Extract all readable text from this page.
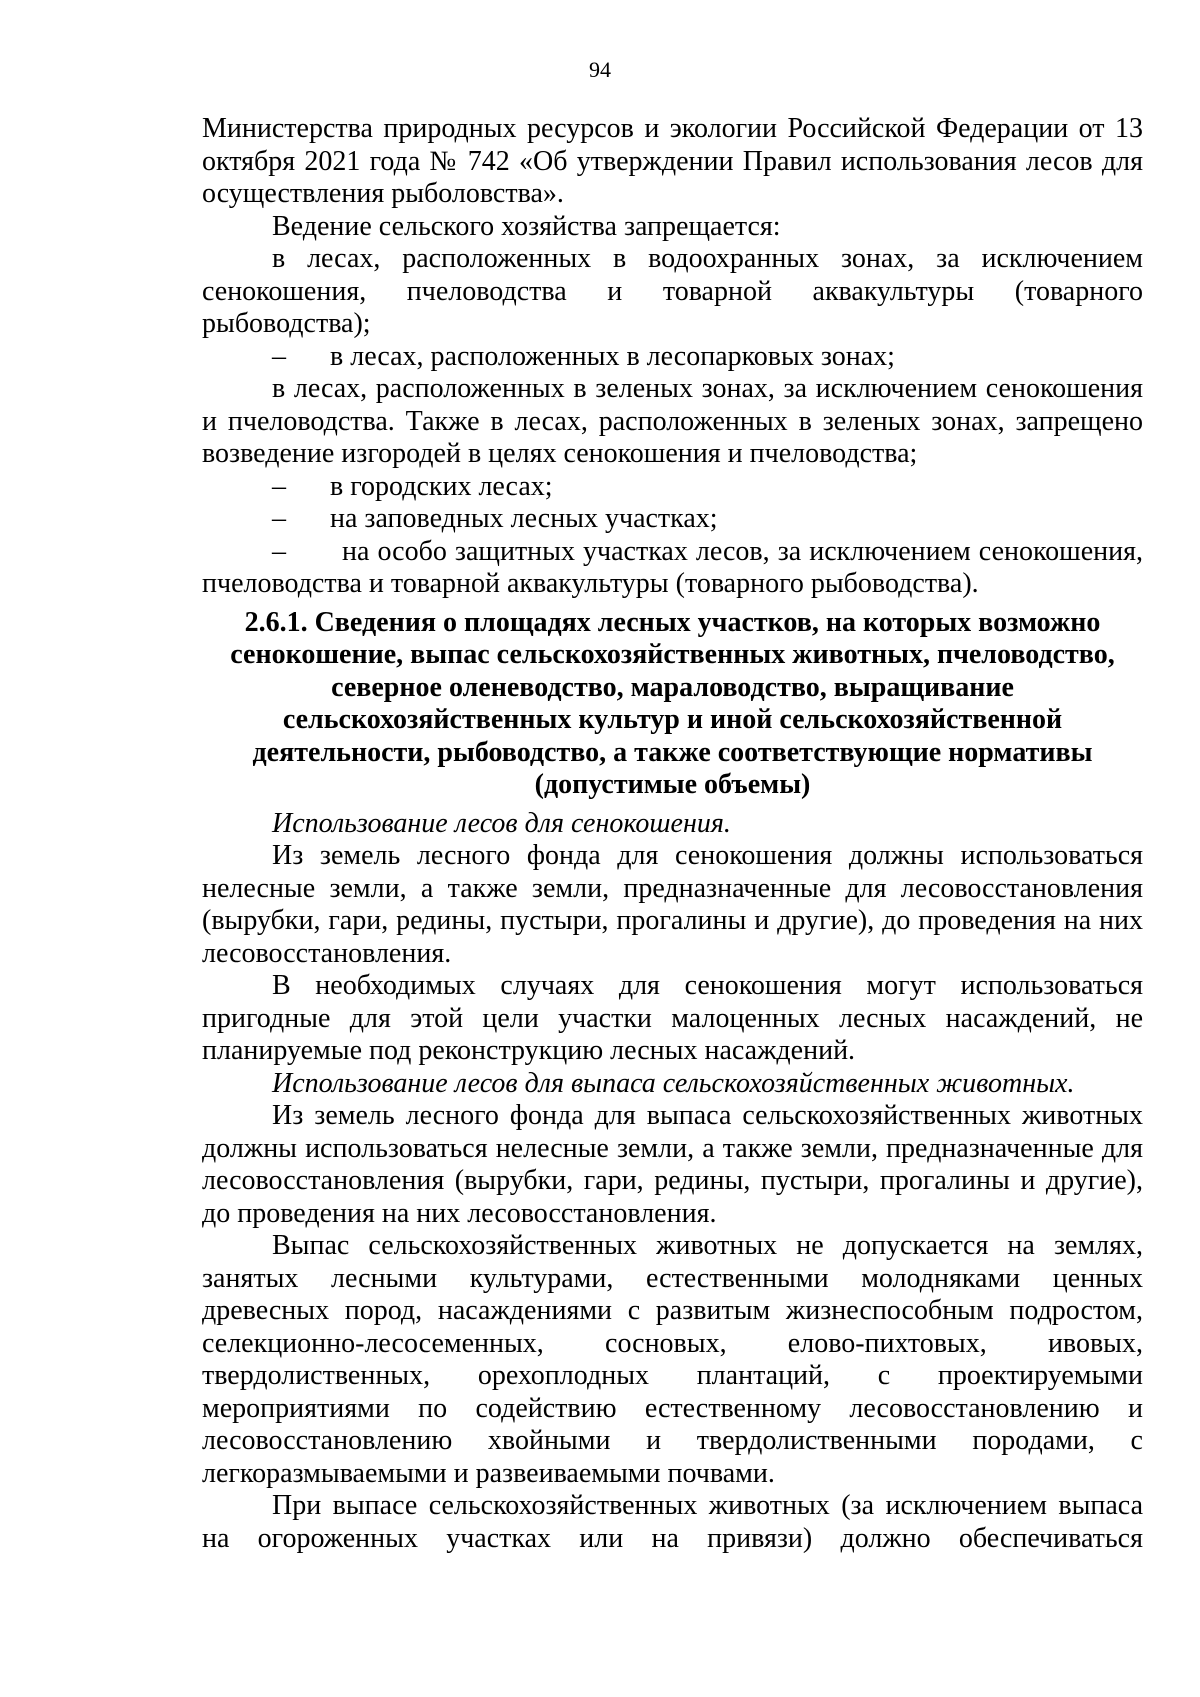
94

Министерства природных ресурсов и экологии Российской Федерации от 13 октября 2021 года № 742 «Об утверждении Правил использования лесов для осуществления рыболовства».

Ведение сельского хозяйства запрещается:

в лесах, расположенных в водоохранных зонах, за исключением сенокошения, пчеловодства и товарной аквакультуры (товарного рыбоводства);

–	в лесах, расположенных в лесопарковых зонах;

в лесах, расположенных в зеленых зонах, за исключением сенокошения и пчеловодства. Также в лесах, расположенных в зеленых зонах, запрещено возведение изгородей в целях сенокошения и пчеловодства;

–	в городских лесах;
–	на заповедных лесных участках;

– на особо защитных участках лесов, за исключением сенокошения, пчеловодства и товарной аквакультуры (товарного рыбоводства).

2.6.1. Сведения о площадях лесных участков, на которых возможно сенокошение, выпас сельскохозяйственных животных, пчеловодство, северное оленеводство, мараловодство, выращивание сельскохозяйственных культур и иной сельскохозяйственной деятельности, рыбоводство, а также соответствующие нормативы (допустимые объемы)

Использование лесов для сенокошения.

Из земель лесного фонда для сенокошения должны использоваться нелесные земли, а также земли, предназначенные для лесовосстановления (вырубки, гари, редины, пустыри, прогалины и другие), до проведения на них лесовосстановления.

В необходимых случаях для сенокошения могут использоваться пригодные для этой цели участки малоценных лесных насаждений, не планируемые под реконструкцию лесных насаждений.

Использование лесов для выпаса сельскохозяйственных животных.

Из земель лесного фонда для выпаса сельскохозяйственных животных должны использоваться нелесные земли, а также земли, предназначенные для лесовосстановления (вырубки, гари, редины, пустыри, прогалины и другие), до проведения на них лесовосстановления.

Выпас сельскохозяйственных животных не допускается на землях, занятых лесными культурами, естественными молодняками ценных древесных пород, насаждениями с развитым жизнеспособным подростом, селекционно-лесосеменных, сосновых, елово-пихтовых, ивовых, твердолиственных, орехоплодных плантаций, с проектируемыми мероприятиями по содействию естественному лесовосстановлению и лесовосстановлению хвойными и твердолиственными породами, с легкоразмываемыми и развеиваемыми почвами.

При выпасе сельскохозяйственных животных (за исключением выпаса на огороженных участках или на привязи) должно обеспечиваться
